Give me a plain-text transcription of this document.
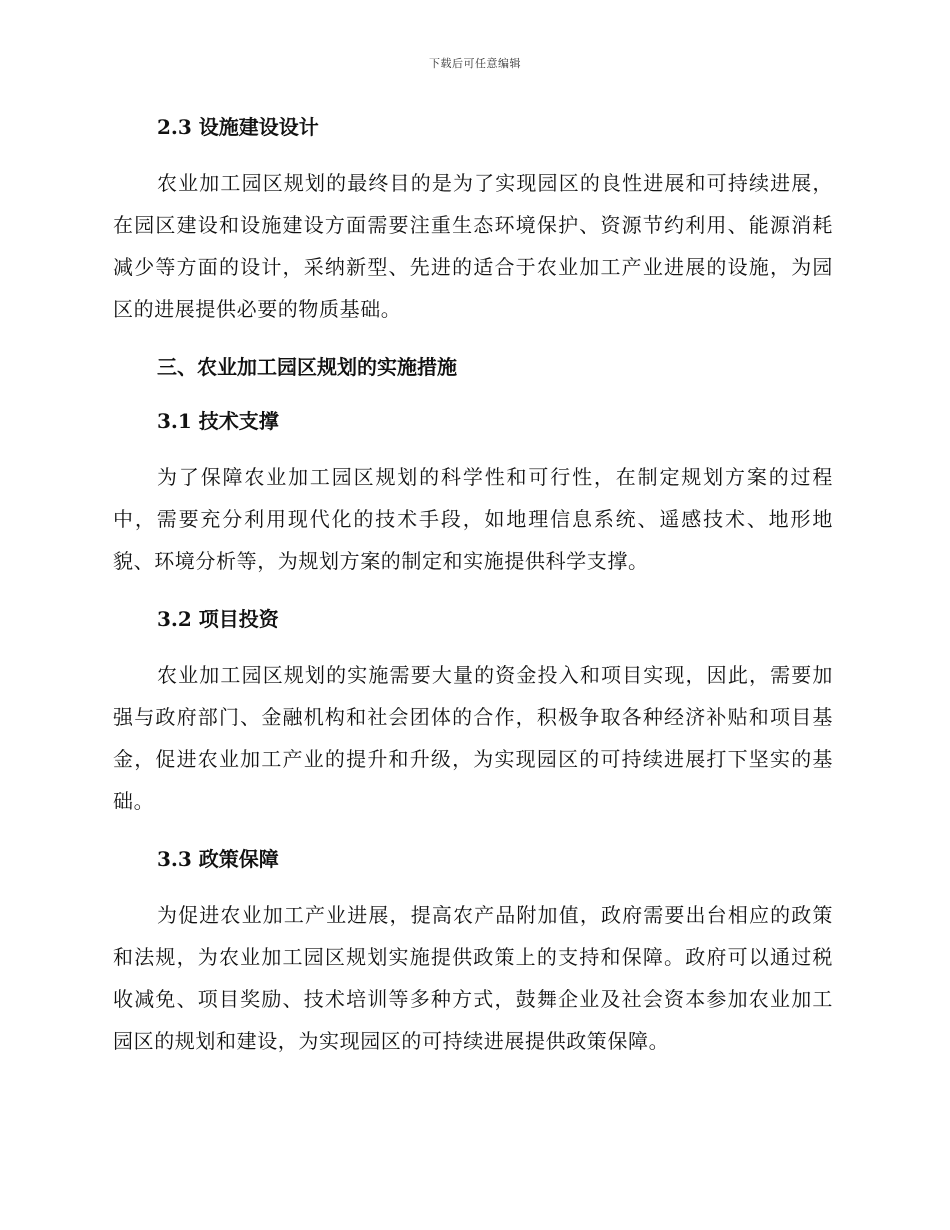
下载后可任意编辑
2.3 设施建设设计

农业加工园区规划的最终目的是为了实现园区的良性进展和可持续进展，在园区建设和设施建设方面需要注重生态环境保护、资源节约利用、能源消耗减少等方面的设计，采纳新型、先进的适合于农业加工产业进展的设施，为园区的进展提供必要的物质基础。

三、农业加工园区规划的实施措施
3.1 技术支撑

为了保障农业加工园区规划的科学性和可行性，在制定规划方案的过程中，需要充分利用现代化的技术手段，如地理信息系统、遥感技术、地形地貌、环境分析等，为规划方案的制定和实施提供科学支撑。

3.2 项目投资

农业加工园区规划的实施需要大量的资金投入和项目实现，因此，需要加强与政府部门、金融机构和社会团体的合作，积极争取各种经济补贴和项目基金，促进农业加工产业的提升和升级，为实现园区的可持续进展打下坚实的基础。

3.3 政策保障

为促进农业加工产业进展，提高农产品附加值，政府需要出台相应的政策和法规，为农业加工园区规划实施提供政策上的支持和保障。政府可以通过税收减免、项目奖励、技术培训等多种方式，鼓舞企业及社会资本参加农业加工园区的规划和建设，为实现园区的可持续进展提供政策保障。
